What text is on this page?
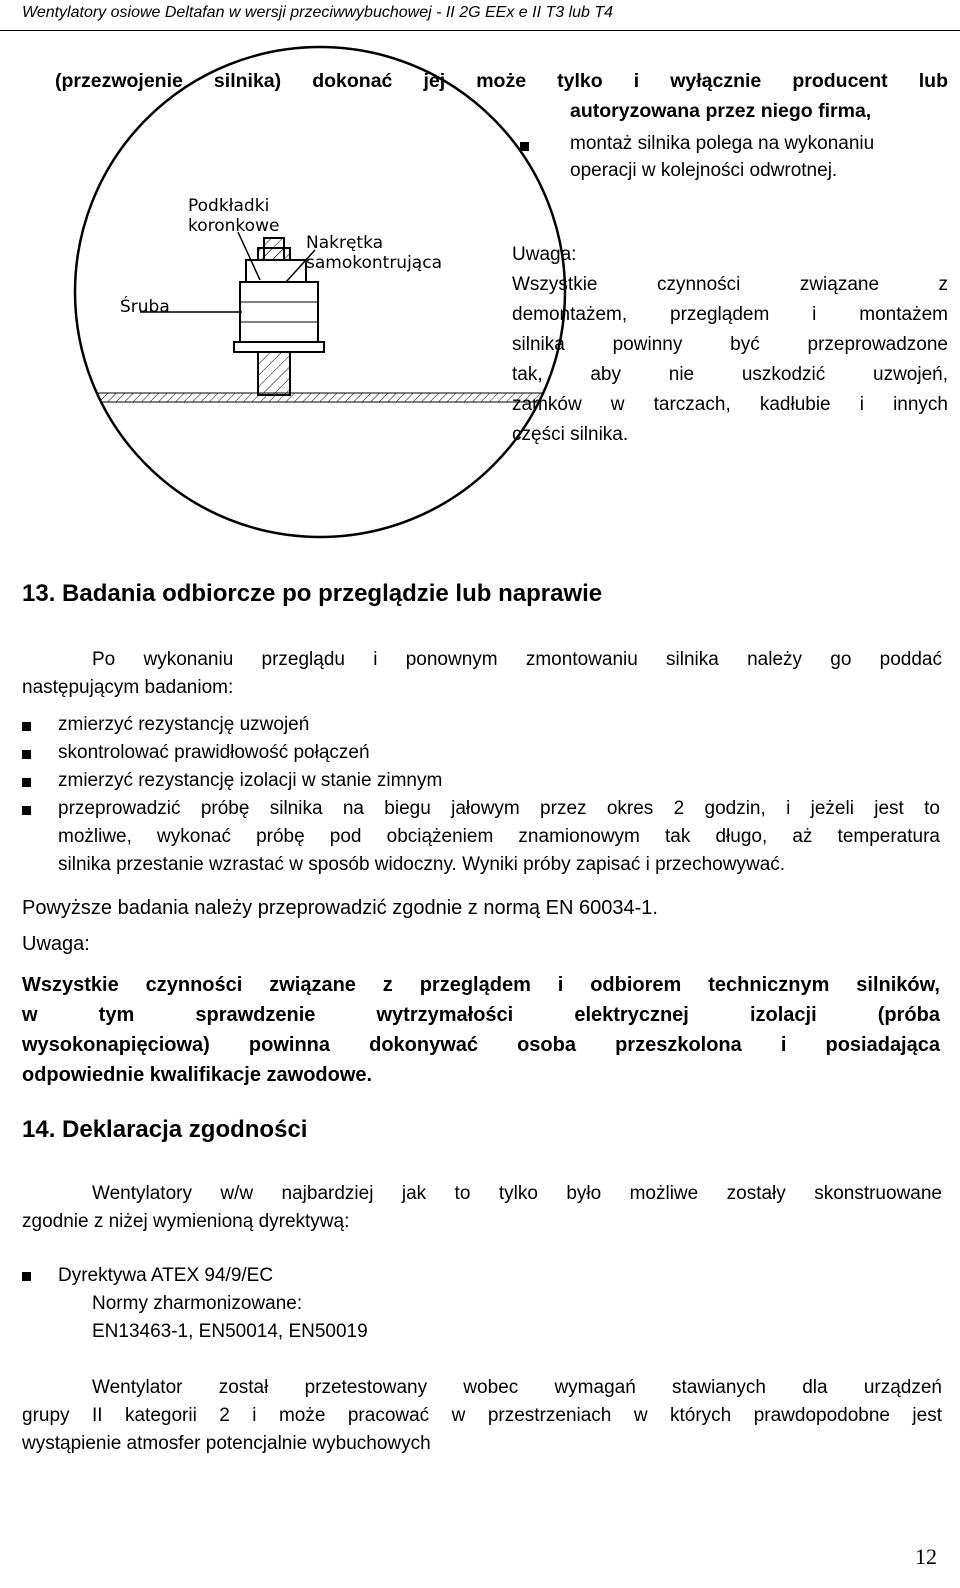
Wentylatory osiowe Deltafan w wersji przeciwwybuchowej - II 2G EEx e II T3 lub T4
(przezwojenie silnika) dokonać jej może tylko i wyłącznie producent lub
autoryzowana przez niego firma,
montaż silnika polega na wykonaniu
operacji w kolejności odwrotnej.
Podkładki
koronkowe
Nakrętka
samokontrująca
Śruba
Uwaga:
Wszystkie czynności związane z
demontażem, przeglądem i montażem
silnika powinny być przeprowadzone
tak, aby nie uszkodzić uzwojeń,
zamków w tarczach, kadłubie i innych
części silnika.
13. Badania odbiorcze po przeglądzie lub naprawie
Po wykonaniu przeglądu i ponownym zmontowaniu silnika należy go poddać
następującym badaniom:
zmierzyć rezystancję uzwojeń
skontrolować prawidłowość połączeń
zmierzyć rezystancję izolacji w stanie zimnym
przeprowadzić próbę silnika na biegu jałowym przez okres 2 godzin, i jeżeli jest to
możliwe, wykonać próbę pod obciążeniem znamionowym tak długo, aż temperatura
silnika przestanie wzrastać w sposób widoczny. Wyniki próby zapisać i przechowywać.
Powyższe badania należy przeprowadzić zgodnie z normą EN 60034-1.
Uwaga:
Wszystkie czynności związane z przeglądem i odbiorem technicznym silników,
w tym sprawdzenie wytrzymałości elektrycznej izolacji (próba
wysokonapięciowa) powinna dokonywać osoba przeszkolona i posiadająca
odpowiednie kwalifikacje zawodowe.
14. Deklaracja zgodności
Wentylatory w/w najbardziej jak to tylko było możliwe zostały skonstruowane
zgodnie z niżej wymienioną dyrektywą:
Dyrektywa ATEX 94/9/EC
Normy zharmonizowane:
EN13463-1, EN50014, EN50019
Wentylator został przetestowany wobec wymagań stawianych dla urządzeń
grupy II kategorii 2 i może pracować w przestrzeniach w których prawdopodobne jest
wystąpienie atmosfer potencjalnie wybuchowych
12
